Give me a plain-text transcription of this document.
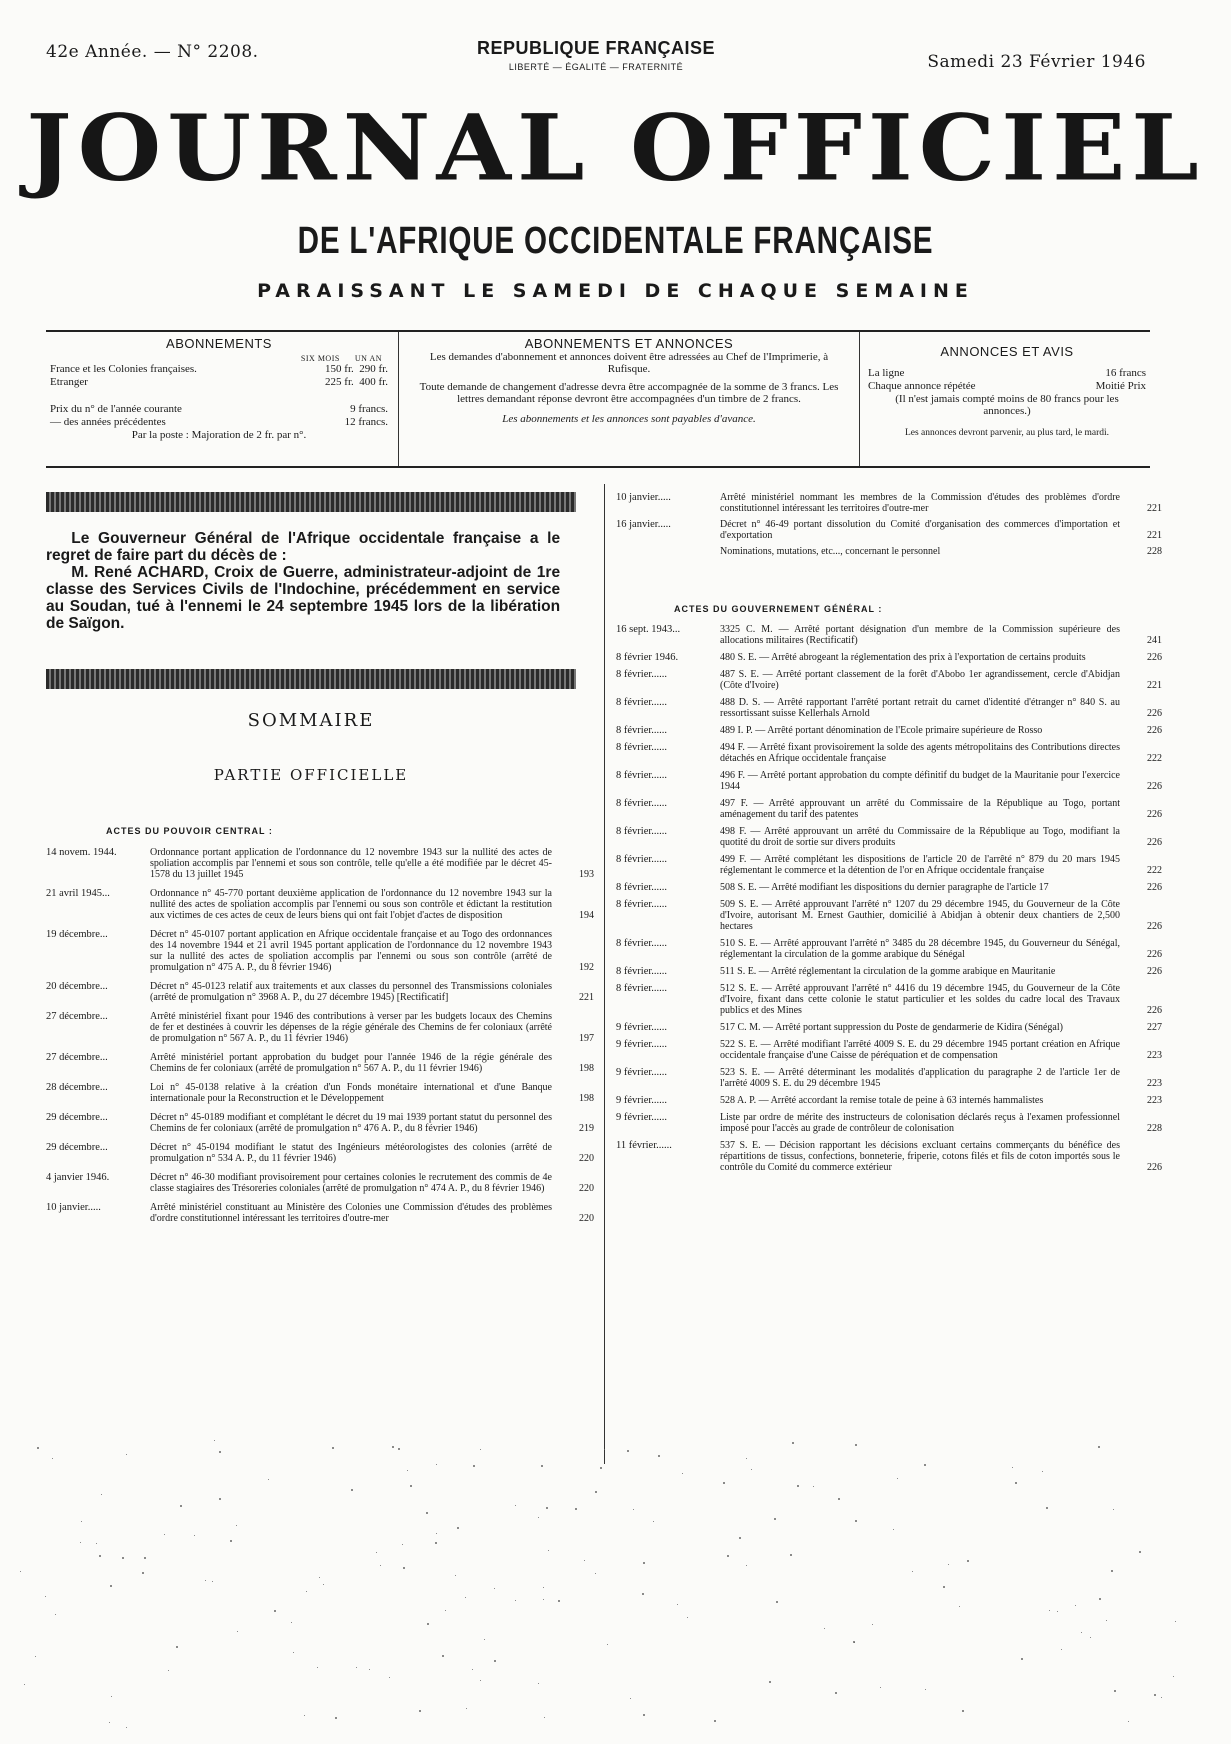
42e Année. — N° 2208.	REPUBLIQUE FRANÇAISE
LIBERTÉ — ÉGALITÉ — FRATERNITÉ	Samedi 23 Février 1946
JOURNAL OFFICIEL
DE L'AFRIQUE OCCIDENTALE FRANÇAISE
PARAISSANT LE SAMEDI DE CHAQUE SEMAINE
ABONNEMENTS
SIX MOIS UN AN
France et les Colonies françaises.	150 fr. 290 fr.
Etranger	225 fr. 400 fr.
Prix du n° de l'année courante	9 francs.
— des années précédentes	12 francs.
Par la poste : Majoration de 2 fr. par n°.
ABONNEMENTS ET ANNONCES
Les demandes d'abonnement et annonces doivent être adressées au Chef de l'Imprimerie, à Rufisque.
Toute demande de changement d'adresse devra être accompagnée de la somme de 3 francs. Les lettres demandant réponse devront être accompagnées d'un timbre de 2 francs.
Les abonnements et les annonces sont payables d'avance.
ANNONCES ET AVIS
La ligne	16 francs
Chaque annonce répétée	Moitié Prix
(Il n'est jamais compté moins de 80 francs pour les annonces.)
Les annonces devront parvenir, au plus tard, le mardi.

Le Gouverneur Général de l'Afrique occidentale française a le regret de faire part du décès de :

M. René ACHARD, Croix de Guerre, administrateur-adjoint de 1re classe des Services Civils de l'Indochine, précédemment en service au Soudan, tué à l'ennemi le 24 septembre 1945 lors de la libération de Saïgon.

SOMMAIRE
PARTIE OFFICIELLE
ACTES DU POUVOIR CENTRAL :
14 novem. 1944.	Ordonnance portant application de l'ordonnance du 12 novembre 1943 sur la nullité des actes de spoliation accomplis par l'ennemi et sous son contrôle, telle qu'elle a été modifiée par le décret 45-1578 du 13 juillet 1945	193
21 avril 1945...	Ordonnance n° 45-770 portant deuxième application de l'ordonnance du 12 novembre 1943 sur la nullité des actes de spoliation accomplis par l'ennemi ou sous son contrôle et édictant la restitution aux victimes de ces actes de ceux de leurs biens qui ont fait l'objet d'actes de disposition	194
19 décembre...	Décret n° 45-0107 portant application en Afrique occidentale française et au Togo des ordonnances des 14 novembre 1944 et 21 avril 1945 portant application de l'ordonnance du 12 novembre 1943 sur la nullité des actes de spoliation accomplis par l'ennemi ou sous son contrôle (arrêté de promulgation n° 475 A. P., du 8 février 1946)	192
20 décembre...	Décret n° 45-0123 relatif aux traitements et aux classes du personnel des Transmissions coloniales (arrêté de promulgation n° 3968 A. P., du 27 décembre 1945) [Rectificatif]	221
27 décembre...	Arrêté ministériel fixant pour 1946 des contributions à verser par les budgets locaux des Chemins de fer et destinées à couvrir les dépenses de la régie générale des Chemins de fer coloniaux (arrêté de promulgation n° 567 A. P., du 11 février 1946)	197
27 décembre...	Arrêté ministériel portant approbation du budget pour l'année 1946 de la régie générale des Chemins de fer coloniaux (arrêté de promulgation n° 567 A. P., du 11 février 1946)	198
28 décembre...	Loi n° 45-0138 relative à la création d'un Fonds monétaire international et d'une Banque internationale pour la Reconstruction et le Développement	198
29 décembre...	Décret n° 45-0189 modifiant et complétant le décret du 19 mai 1939 portant statut du personnel des Chemins de fer coloniaux (arrêté de promulgation n° 476 A. P., du 8 février 1946)	219
29 décembre...	Décret n° 45-0194 modifiant le statut des Ingénieurs météorologistes des colonies (arrêté de promulgation n° 534 A. P., du 11 février 1946)	220
4 janvier 1946.	Décret n° 46-30 modifiant provisoirement pour certaines colonies le recrutement des commis de 4e classe stagiaires des Trésoreries coloniales (arrêté de promulgation n° 474 A. P., du 8 février 1946)	220
10 janvier.....	Arrêté ministériel constituant au Ministère des Colonies une Commission d'études des problèmes d'ordre constitutionnel intéressant les territoires d'outre-mer	220
10 janvier.....	Arrêté ministériel nommant les membres de la Commission d'études des problèmes d'ordre constitutionnel intéressant les territoires d'outre-mer	221
16 janvier.....	Décret n° 46-49 portant dissolution du Comité d'organisation des commerces d'importation et d'exportation	221
Nominations, mutations, etc..., concernant le personnel	228
ACTES DU GOUVERNEMENT GÉNÉRAL :
16 sept. 1943...	3325 C. M. — Arrêté portant désignation d'un membre de la Commission supérieure des allocations militaires (Rectificatif)	241
8 février 1946.	480 S. E. — Arrêté abrogeant la réglementation des prix à l'exportation de certains produits	226
8 février......	487 S. E. — Arrêté portant classement de la forêt d'Abobo 1er agrandissement, cercle d'Abidjan (Côte d'Ivoire)	221
8 février......	488 D. S. — Arrêté rapportant l'arrêté portant retrait du carnet d'identité d'étranger n° 840 S. au ressortissant suisse Kellerhals Arnold	226
8 février......	489 I. P. — Arrêté portant dénomination de l'Ecole primaire supérieure de Rosso	226
8 février......	494 F. — Arrêté fixant provisoirement la solde des agents métropolitains des Contributions directes détachés en Afrique occidentale française	222
8 février......	496 F. — Arrêté portant approbation du compte définitif du budget de la Mauritanie pour l'exercice 1944	226
8 février......	497 F. — Arrêté approuvant un arrêté du Commissaire de la République au Togo, portant aménagement du tarif des patentes	226
8 février......	498 F. — Arrêté approuvant un arrêté du Commissaire de la République au Togo, modifiant la quotité du droit de sortie sur divers produits	226
8 février......	499 F. — Arrêté complétant les dispositions de l'article 20 de l'arrêté n° 879 du 20 mars 1945 réglementant le commerce et la détention de l'or en Afrique occidentale française	222
8 février......	508 S. E. — Arrêté modifiant les dispositions du dernier paragraphe de l'article 17	226
8 février......	509 S. E. — Arrêté approuvant l'arrêté n° 1207 du 29 décembre 1945, du Gouverneur de la Côte d'Ivoire, autorisant M. Ernest Gauthier, domicilié à Abidjan à obtenir deux chantiers de 2,500 hectares	226
8 février......	510 S. E. — Arrêté approuvant l'arrêté n° 3485 du 28 décembre 1945, du Gouverneur du Sénégal, réglementant la circulation de la gomme arabique du Sénégal	226
8 février......	511 S. E. — Arrêté réglementant la circulation de la gomme arabique en Mauritanie	226
8 février......	512 S. E. — Arrêté approuvant l'arrêté n° 4416 du 19 décembre 1945, du Gouverneur de la Côte d'Ivoire, fixant dans cette colonie le statut particulier et les soldes du cadre local des Travaux publics et des Mines	226
9 février......	517 C. M. — Arrêté portant suppression du Poste de gendarmerie de Kidira (Sénégal)	227
9 février......	522 S. E. — Arrêté modifiant l'arrêté 4009 S. E. du 29 décembre 1945 portant création en Afrique occidentale française d'une Caisse de péréquation et de compensation	223
9 février......	523 S. E. — Arrêté déterminant les modalités d'application du paragraphe 2 de l'article 1er de l'arrêté 4009 S. E. du 29 décembre 1945	223
9 février......	528 A. P. — Arrêté accordant la remise totale de peine à 63 internés hammalistes	223
9 février......	Liste par ordre de mérite des instructeurs de colonisation déclarés reçus à l'examen professionnel imposé pour l'accès au grade de contrôleur de colonisation	228
11 février......	537 S. E. — Décision rapportant les décisions excluant certains commerçants du bénéfice des répartitions de tissus, confections, bonneterie, friperie, cotons filés et fils de coton importés sous le contrôle du Comité du commerce extérieur	226
